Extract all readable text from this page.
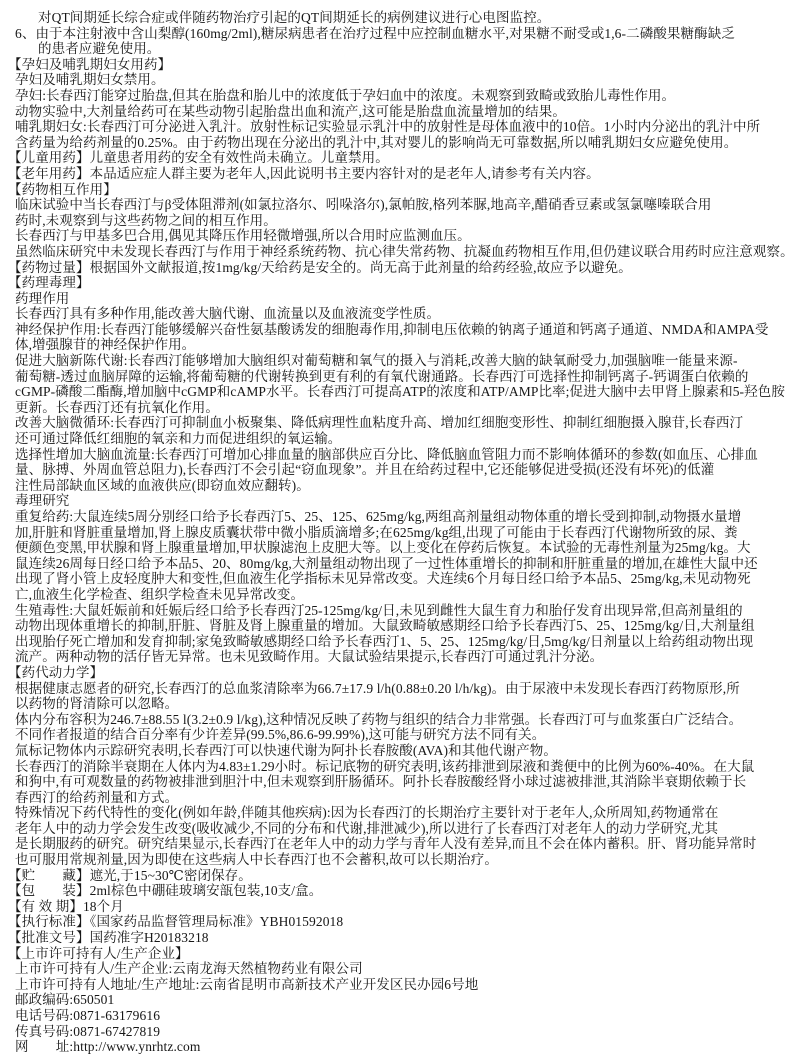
对QT间期延长综合症或伴随药物治疗引起的QT间期延长的病例建议进行心电图监控。
6、由于本注射液中含山梨醇(160mg/2ml),糖尿病患者在治疗过程中应控制血糖水平,对果糖不耐受或1,6-二磷酸果糖酶缺乏
的患者应避免使用。
【孕妇及哺乳期妇女用药】
孕妇及哺乳期妇女禁用。
孕妇:长春西汀能穿过胎盘,但其在胎盘和胎儿中的浓度低于孕妇血中的浓度。未观察到致畸或致胎儿毒性作用。
动物实验中,大剂量给药可在某些动物引起胎盘出血和流产,这可能是胎盘血流量增加的结果。
哺乳期妇女:长春西汀可分泌进入乳汁。放射性标记实验显示乳汁中的放射性是母体血液中的10倍。1小时内分泌出的乳汁中所
含药量为给药剂量的0.25%。由于药物出现在分泌出的乳汁中,其对婴儿的影响尚无可靠数据,所以哺乳期妇女应避免使用。
【儿童用药】儿童患者用药的安全有效性尚未确立。儿童禁用。
【老年用药】本品适应症人群主要为老年人,因此说明书主要内容针对的是老年人,请参考有关内容。
【药物相互作用】
临床试验中当长春西汀与β受体阻滞剂(如氯拉洛尔、吲哚洛尔),氯帕胺,格列苯脲,地高辛,醋硝香豆素或氢氯噻嗪联合用
药时,未观察到与这些药物之间的相互作用。
长春西汀与甲基多巴合用,偶见其降压作用轻微增强,所以合用时应监测血压。
虽然临床研究中未发现长春西汀与作用于神经系统药物、抗心律失常药物、抗凝血药物相互作用,但仍建议联合用药时应注意观察。
【药物过量】根据国外文献报道,按1mg/kg/天给药是安全的。尚无高于此剂量的给药经验,故应予以避免。
【药理毒理】
药理作用
长春西汀具有多种作用,能改善大脑代谢、血流量以及血液流变学性质。
神经保护作用:长春西汀能够缓解兴奋性氨基酸诱发的细胞毒作用,抑制电压依赖的钠离子通道和钙离子通道、NMDA和AMPA受
体,增强腺苷的神经保护作用。
促进大脑新陈代谢:长春西汀能够增加大脑组织对葡萄糖和氧气的摄入与消耗,改善大脑的缺氧耐受力,加强脑唯一能量来源-
葡萄糖-透过血脑屏障的运输,将葡萄糖的代谢转换到更有利的有氧代谢通路。长春西汀可选择性抑制钙离子-钙调蛋白依赖的
cGMP-磷酸二酯酶,增加脑中cGMP和cAMP水平。长春西汀可提高ATP的浓度和ATP/AMP比率;促进大脑中去甲肾上腺素和5-羟色胺
更新。长春西汀还有抗氧化作用。
改善大脑微循环:长春西汀可抑制血小板聚集、降低病理性血粘度升高、增加红细胞变形性、抑制红细胞摄入腺苷,长春西汀
还可通过降低红细胞的氧亲和力而促进组织的氧运输。
选择性增加大脑血流量:长春西汀可增加心排血量的脑部供应百分比、降低脑血管阻力而不影响体循环的参数(如血压、心排血
量、脉搏、外周血管总阻力),长春西汀不会引起“窃血现象”。并且在给药过程中,它还能够促进受损(还没有坏死)的低灌
注性局部缺血区域的血液供应(即窃血效应翻转)。
毒理研究
重复给药:大鼠连续5周分别经口给予长春西汀5、25、125、625mg/kg,两组高剂量组动物体重的增长受到抑制,动物摄水量增
加,肝脏和肾脏重量增加,肾上腺皮质囊状带中微小脂质滴增多;在625mg/kg组,出现了可能由于长春西汀代谢物所致的尿、粪
便颜色变黑,甲状腺和肾上腺重量增加,甲状腺滤泡上皮肥大等。以上变化在停药后恢复。本试验的无毒性剂量为25mg/kg。大
鼠连续26周每日经口给予本品5、20、80mg/kg,大剂量组动物出现了一过性体重增长的抑制和肝脏重量的增加,在雄性大鼠中还
出现了肾小管上皮轻度肿大和变性,但血液生化学指标未见异常改变。犬连续6个月每日经口给予本品5、25mg/kg,未见动物死
亡,血液生化学检查、组织学检查未见异常改变。
生殖毒性:大鼠妊娠前和妊娠后经口给予长春西汀25-125mg/kg/日,未见到雌性大鼠生育力和胎仔发育出现异常,但高剂量组的
动物出现体重增长的抑制,肝脏、肾脏及肾上腺重量的增加。大鼠致畸敏感期经口给予长春西汀5、25、125mg/kg/日,大剂量组
出现胎仔死亡增加和发育抑制;家兔致畸敏感期经口给予长春西汀1、5、25、125mg/kg/日,5mg/kg/日剂量以上给药组动物出现
流产。两种动物的活仔皆无异常。也未见致畸作用。大鼠试验结果提示,长春西汀可通过乳汁分泌。
【药代动力学】
根据健康志愿者的研究,长春西汀的总血浆清除率为66.7±17.9 l/h(0.88±0.20 l/h/kg)。由于尿液中未发现长春西汀药物原形,所
以药物的肾清除可以忽略。
体内分布容积为246.7±88.55 l(3.2±0.9 l/kg),这种情况反映了药物与组织的结合力非常强。长春西汀可与血浆蛋白广泛结合。
不同作者报道的结合百分率有少许差异(99.5%,86.6-99.99%),这可能与研究方法不同有关。
氚标记物体内示踪研究表明,长春西汀可以快速代谢为阿扑长春胺酸(AVA)和其他代谢产物。
长春西汀的消除半衰期在人体内为4.83±1.29小时。标记底物的研究表明,该药排泄到尿液和粪便中的比例为60%-40%。在大鼠
和狗中,有可观数量的药物被排泄到胆汁中,但未观察到肝肠循环。阿扑长春胺酸经肾小球过滤被排泄,其消除半衰期依赖于长
春西汀的给药剂量和方式。
特殊情况下药代特性的变化(例如年龄,伴随其他疾病):因为长春西汀的长期治疗主要针对于老年人,众所周知,药物通常在
老年人中的动力学会发生改变(吸收减少,不同的分布和代谢,排泄减少),所以进行了长春西汀对老年人的动力学研究,尤其
是长期服药的研究。研究结果显示,长春西汀在老年人中的动力学与青年人没有差异,而且不会在体内蓄积。肝、肾功能异常时
也可服用常规剂量,因为即使在这些病人中长春西汀也不会蓄积,故可以长期治疗。
【贮　　藏】遮光,于15~30℃密闭保存。
【包　　装】2ml棕色中硼硅玻璃安瓿包装,10支/盒。
【有 效 期】18个月
【执行标准】《国家药品监督管理局标准》YBH01592018
【批准文号】国药准字H20183218
【上市许可持有人/生产企业】
上市许可持有人/生产企业:云南龙海天然植物药业有限公司
上市许可持有人地址/生产地址:云南省昆明市高新技术产业开发区民办园6号地
邮政编码:650501
电话号码:0871-63179616
传真号码:0871-67427819
网　　址:http://www.ynrhtz.com
